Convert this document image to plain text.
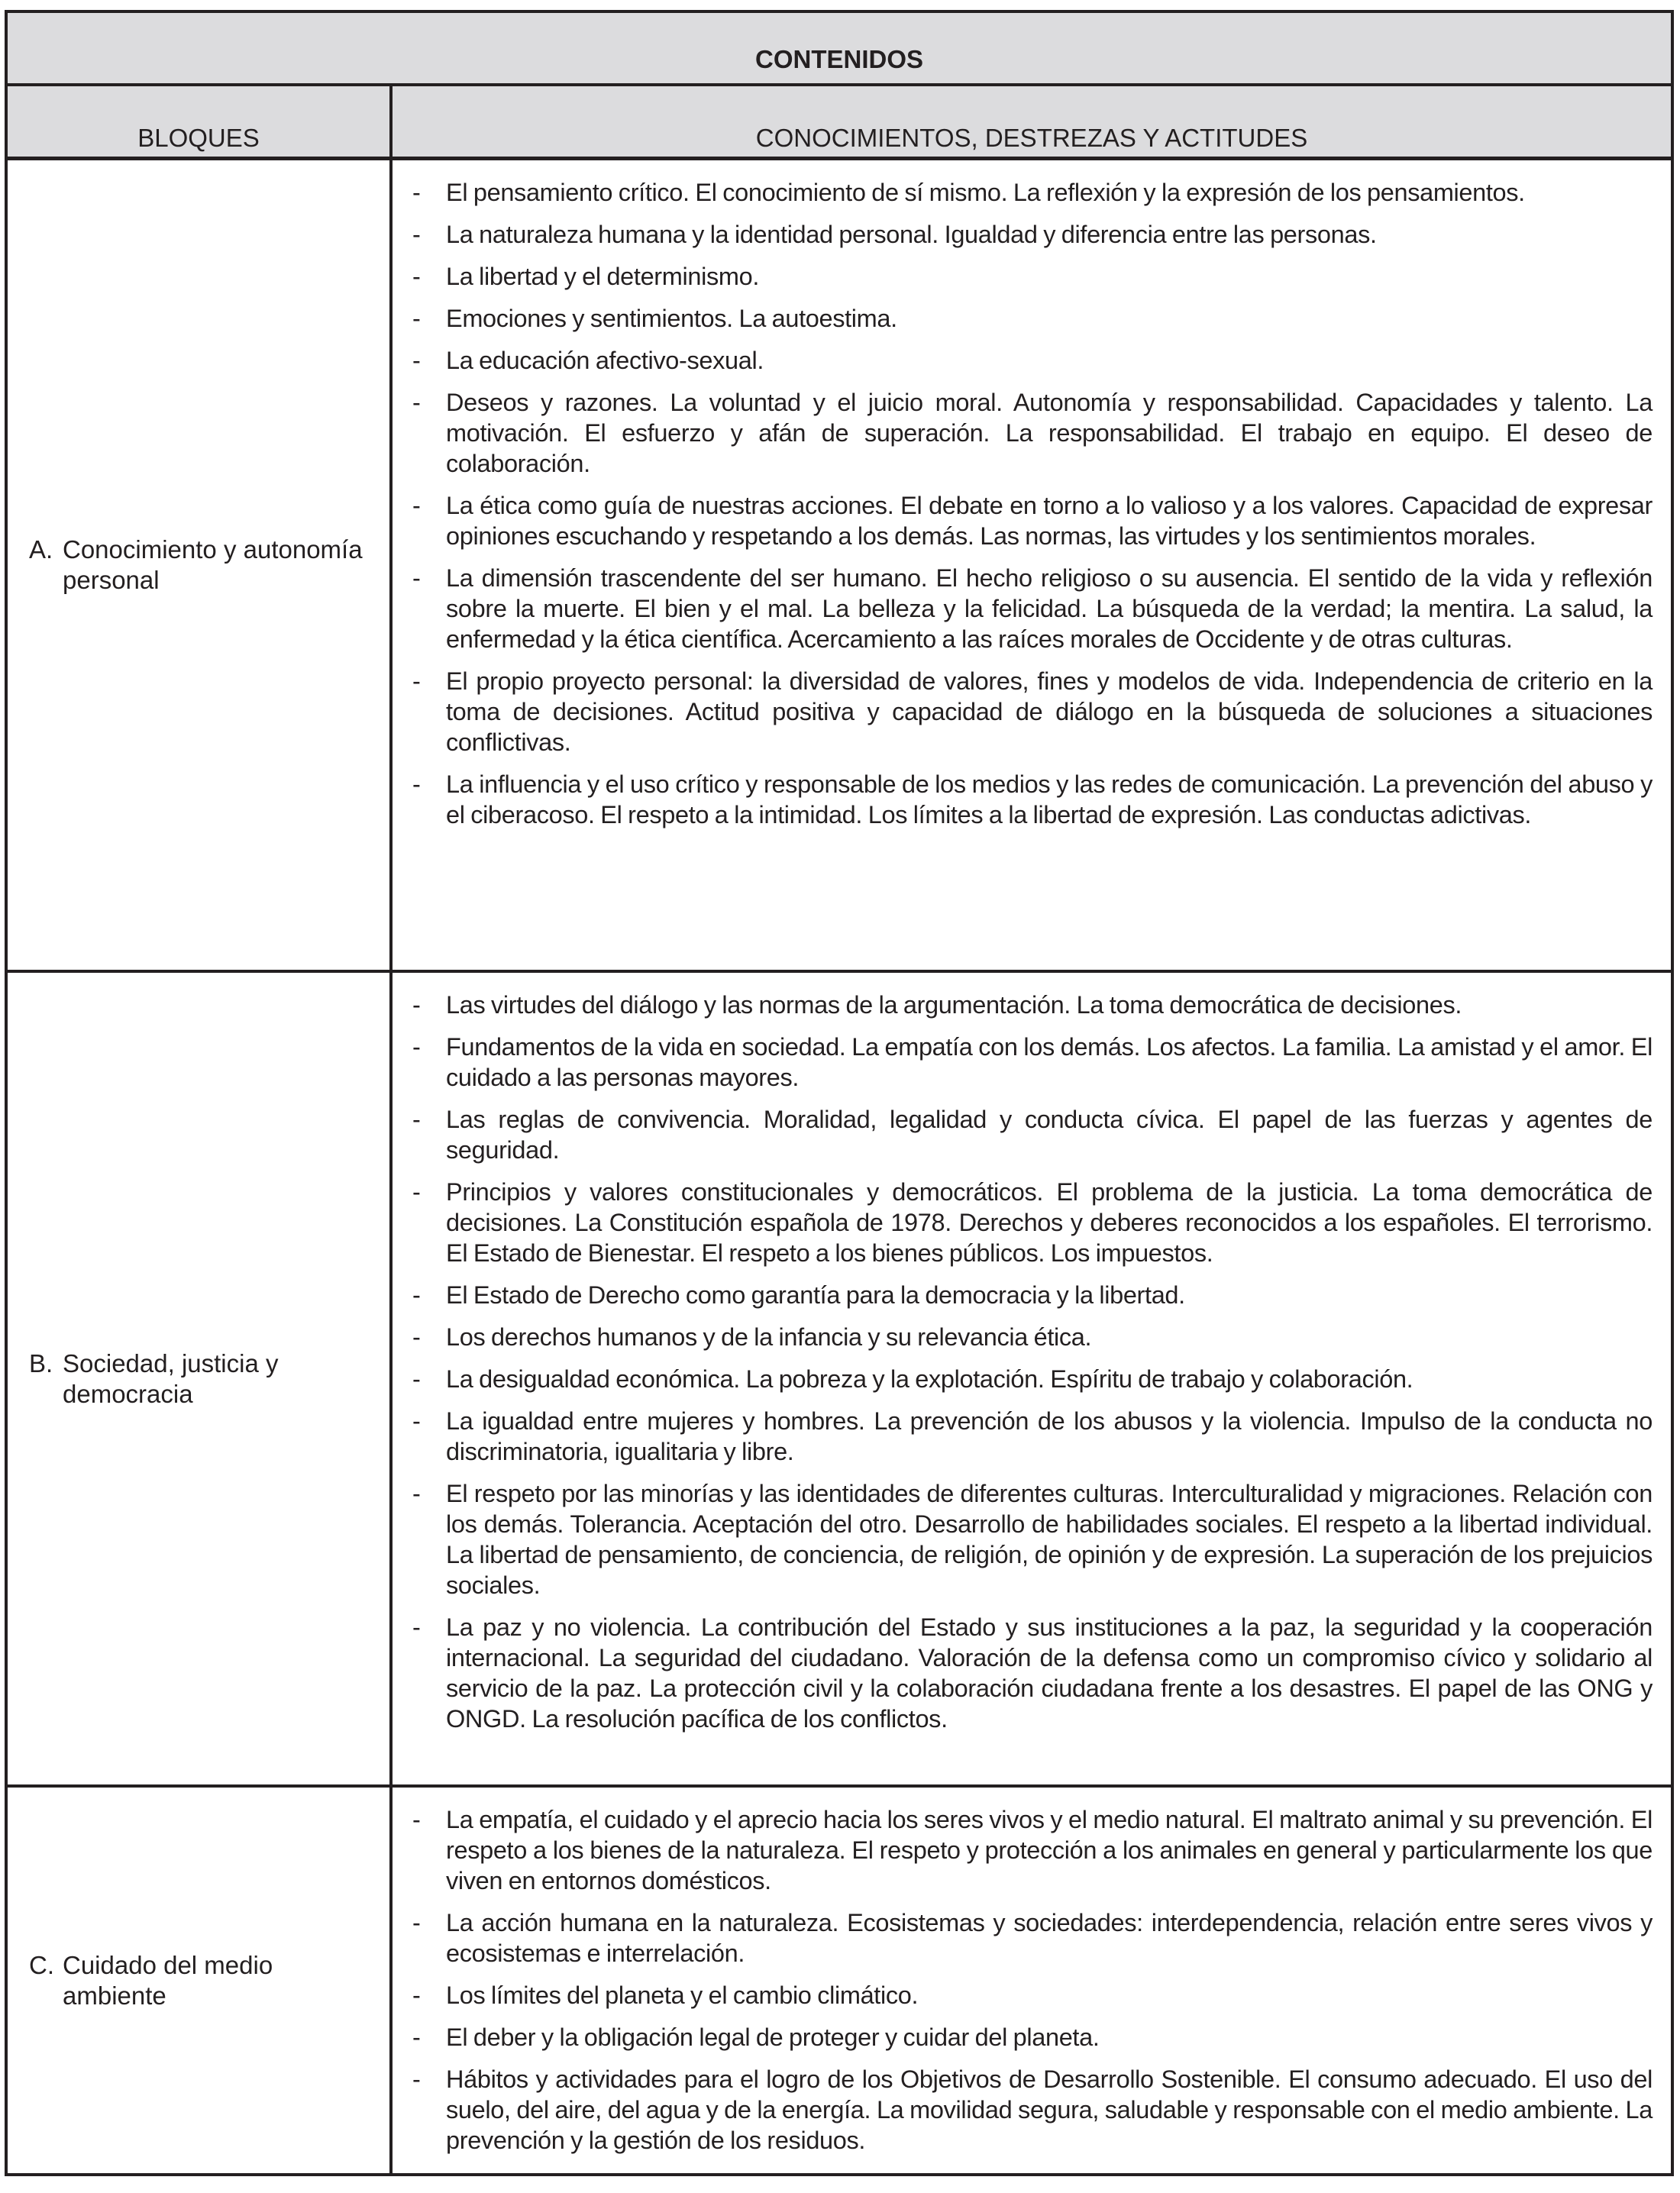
CONTENIDOS
BLOQUES	CONOCIMIENTOS, DESTREZAS Y ACTITUDES
A. Conocimiento y autonomía personal
-	El pensamiento crítico. El conocimiento de sí mismo. La reflexión y la expresión de los pensamientos.
-	La naturaleza humana y la identidad personal. Igualdad y diferencia entre las personas.
-	La libertad y el determinismo.
-	Emociones y sentimientos. La autoestima.
-	La educación afectivo-sexual.
-	Deseos y razones. La voluntad y el juicio moral. Autonomía y responsabilidad. Capacidades y talento. La motivación. El esfuerzo y afán de superación. La responsabilidad. El trabajo en equipo. El deseo de colaboración.
-	La ética como guía de nuestras acciones. El debate en torno a lo valioso y a los valores. Capacidad de expresar opiniones escuchando y respetando a los demás. Las normas, las virtudes y los sentimientos morales.
-	La dimensión trascendente del ser humano. El hecho religioso o su ausencia. El sentido de la vida y reflexión sobre la muerte. El bien y el mal. La belleza y la felicidad. La búsqueda de la verdad; la mentira. La salud, la enfermedad y la ética científica. Acercamiento a las raíces morales de Occidente y de otras culturas.
-	El propio proyecto personal: la diversidad de valores, fines y modelos de vida. Independencia de criterio en la toma de decisiones. Actitud positiva y capacidad de diálogo en la búsqueda de soluciones a situaciones conflictivas.
-	La influencia y el uso crítico y responsable de los medios y las redes de comunicación. La prevención del abuso y el ciberacoso. El respeto a la intimidad. Los límites a la libertad de expresión. Las conductas adictivas.
B. Sociedad, justicia y democracia
-	Las virtudes del diálogo y las normas de la argumentación. La toma democrática de decisiones.
-	Fundamentos de la vida en sociedad. La empatía con los demás. Los afectos. La familia. La amistad y el amor. El cuidado a las personas mayores.
-	Las reglas de convivencia. Moralidad, legalidad y conducta cívica. El papel de las fuerzas y agentes de seguridad.
-	Principios y valores constitucionales y democráticos. El problema de la justicia. La toma democrática de decisiones. La Constitución española de 1978. Derechos y deberes reconocidos a los españoles. El terrorismo. El Estado de Bienestar. El respeto a los bienes públicos. Los impuestos.
-	El Estado de Derecho como garantía para la democracia y la libertad.
-	Los derechos humanos y de la infancia y su relevancia ética.
-	La desigualdad económica. La pobreza y la explotación. Espíritu de trabajo y colaboración.
-	La igualdad entre mujeres y hombres. La prevención de los abusos y la violencia. Impulso de la conducta no discriminatoria, igualitaria y libre.
-	El respeto por las minorías y las identidades de diferentes culturas. Interculturalidad y migraciones. Relación con los demás. Tolerancia. Aceptación del otro. Desarrollo de habilidades sociales. El respeto a la libertad individual. La libertad de pensamiento, de conciencia, de religión, de opinión y de expresión. La superación de los prejuicios sociales.
-	La paz y no violencia. La contribución del Estado y sus instituciones a la paz, la seguridad y la cooperación internacional. La seguridad del ciudadano. Valoración de la defensa como un compromiso cívico y solidario al servicio de la paz. La protección civil y la colaboración ciudadana frente a los desastres. El papel de las ONG y ONGD. La resolución pacífica de los conflictos.
C. Cuidado del medio ambiente
-	La empatía, el cuidado y el aprecio hacia los seres vivos y el medio natural. El maltrato animal y su prevención. El respeto a los bienes de la naturaleza. El respeto y protección a los animales en general y particularmente los que viven en entornos domésticos.
-	La acción humana en la naturaleza. Ecosistemas y sociedades: interdependencia, relación entre seres vivos y ecosistemas e interrelación.
-	Los límites del planeta y el cambio climático.
-	El deber y la obligación legal de proteger y cuidar del planeta.
-	Hábitos y actividades para el logro de los Objetivos de Desarrollo Sostenible. El consumo adecuado. El uso del suelo, del aire, del agua y de la energía. La movilidad segura, saludable y responsable con el medio ambiente. La prevención y la gestión de los residuos.
